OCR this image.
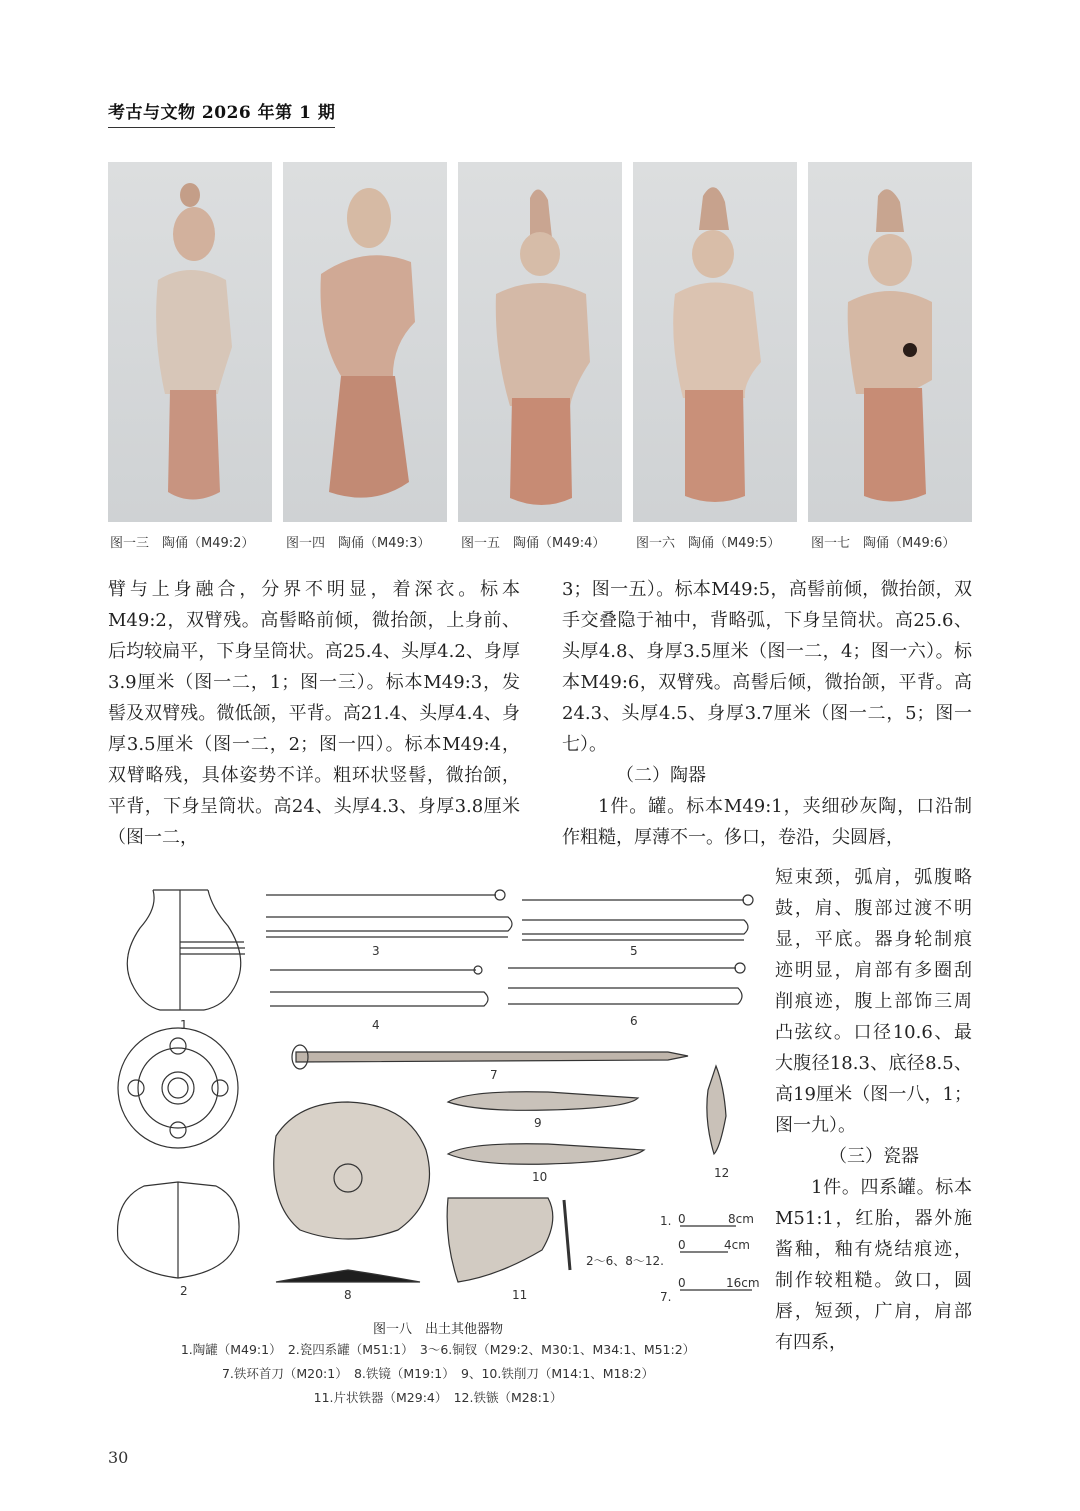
考古与文物 2026 年第 1 期
图一三　陶俑（M49:2） 图一四　陶俑（M49:3） 图一五　陶俑（M49:4） 图一六　陶俑（M49:5） 图一七　陶俑（M49:6）

臂与上身融合，分界不明显，着深衣。标本M49:2，双臂残。高髻略前倾，微抬颌，上身前、后均较扁平，下身呈筒状。高25.4、头厚4.2、身厚3.9厘米（图一二，1；图一三）。标本M49:3，发髻及双臂残。微低颌，平背。高21.4、头厚4.4、身厚3.5厘米（图一二，2；图一四）。标本M49:4，双臂略残，具体姿势不详。粗环状竖髻，微抬颌，平背，下身呈筒状。高24、头厚4.3、身厚3.8厘米（图一二，

3；图一五）。标本M49:5，高髻前倾，微抬颌，双手交叠隐于袖中，背略弧，下身呈筒状。高25.6、头厚4.8、身厚3.5厘米（图一二，4；图一六）。标本M49:6，双臂残。高髻后倾，微抬颌，平背。高24.3、头厚4.5、身厚3.7厘米（图一二，5；图一七）。

（二）陶器

1件。罐。标本M49:1，夹细砂灰陶，口沿制作粗糙，厚薄不一。侈口，卷沿，尖圆唇，

短束颈，弧肩，弧腹略鼓，肩、腹部过渡不明显，平底。器身轮制痕迹明显，肩部有多圈刮削痕迹，腹上部饰三周凸弦纹。口径10.6、最大腹径18.3、底径8.5、高19厘米（图一八，1；图一九）。

（三）瓷器

1件。四系罐。标本M51:1，红胎，器外施酱釉，釉有烧结痕迹，制作较粗糙。敛口，圆唇，短颈，广肩，肩部有四系，

1
2
3
4
5
6
7
8
9
10
11
12
1. 0	8cm
2～6、8～12.
0	4cm
7.
0	16cm
图一八　出土其他器物
1.陶罐（M49:1）　2.瓷四系罐（M51:1）　3～6.铜钗（M29:2、M30:1、M34:1、M51:2）
7.铁环首刀（M20:1）　8.铁镜（M19:1）　9、10.铁削刀（M14:1、M18:2）
11.片状铁器（M29:4）　12.铁镞（M28:1）
30
